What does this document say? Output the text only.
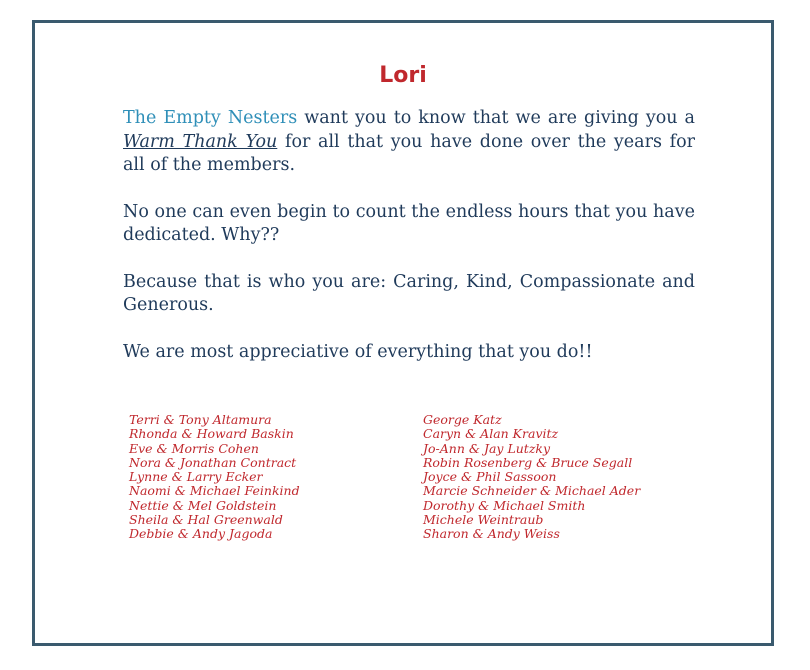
Lori

The Empty Nesters want you to know that we are giving you a Warm Thank You for all that you have done over the years for all of the members.

No one can even begin to count the endless hours that you have dedicated. Why??

Because that is who you are: Caring, Kind, Compassionate and Generous.

We are most appreciative of everything that you do!!

Terri & Tony Altamura
Rhonda & Howard Baskin
Eve & Morris Cohen
Nora & Jonathan Contract
Lynne & Larry Ecker
Naomi & Michael Feinkind
Nettie & Mel Goldstein
Sheila & Hal Greenwald
Debbie & Andy Jagoda
George Katz
Caryn & Alan Kravitz
Jo-Ann & Jay Lutzky
Robin Rosenberg & Bruce Segall
Joyce & Phil Sassoon
Marcie Schneider & Michael Ader
Dorothy & Michael Smith
Michele Weintraub
Sharon & Andy Weiss
